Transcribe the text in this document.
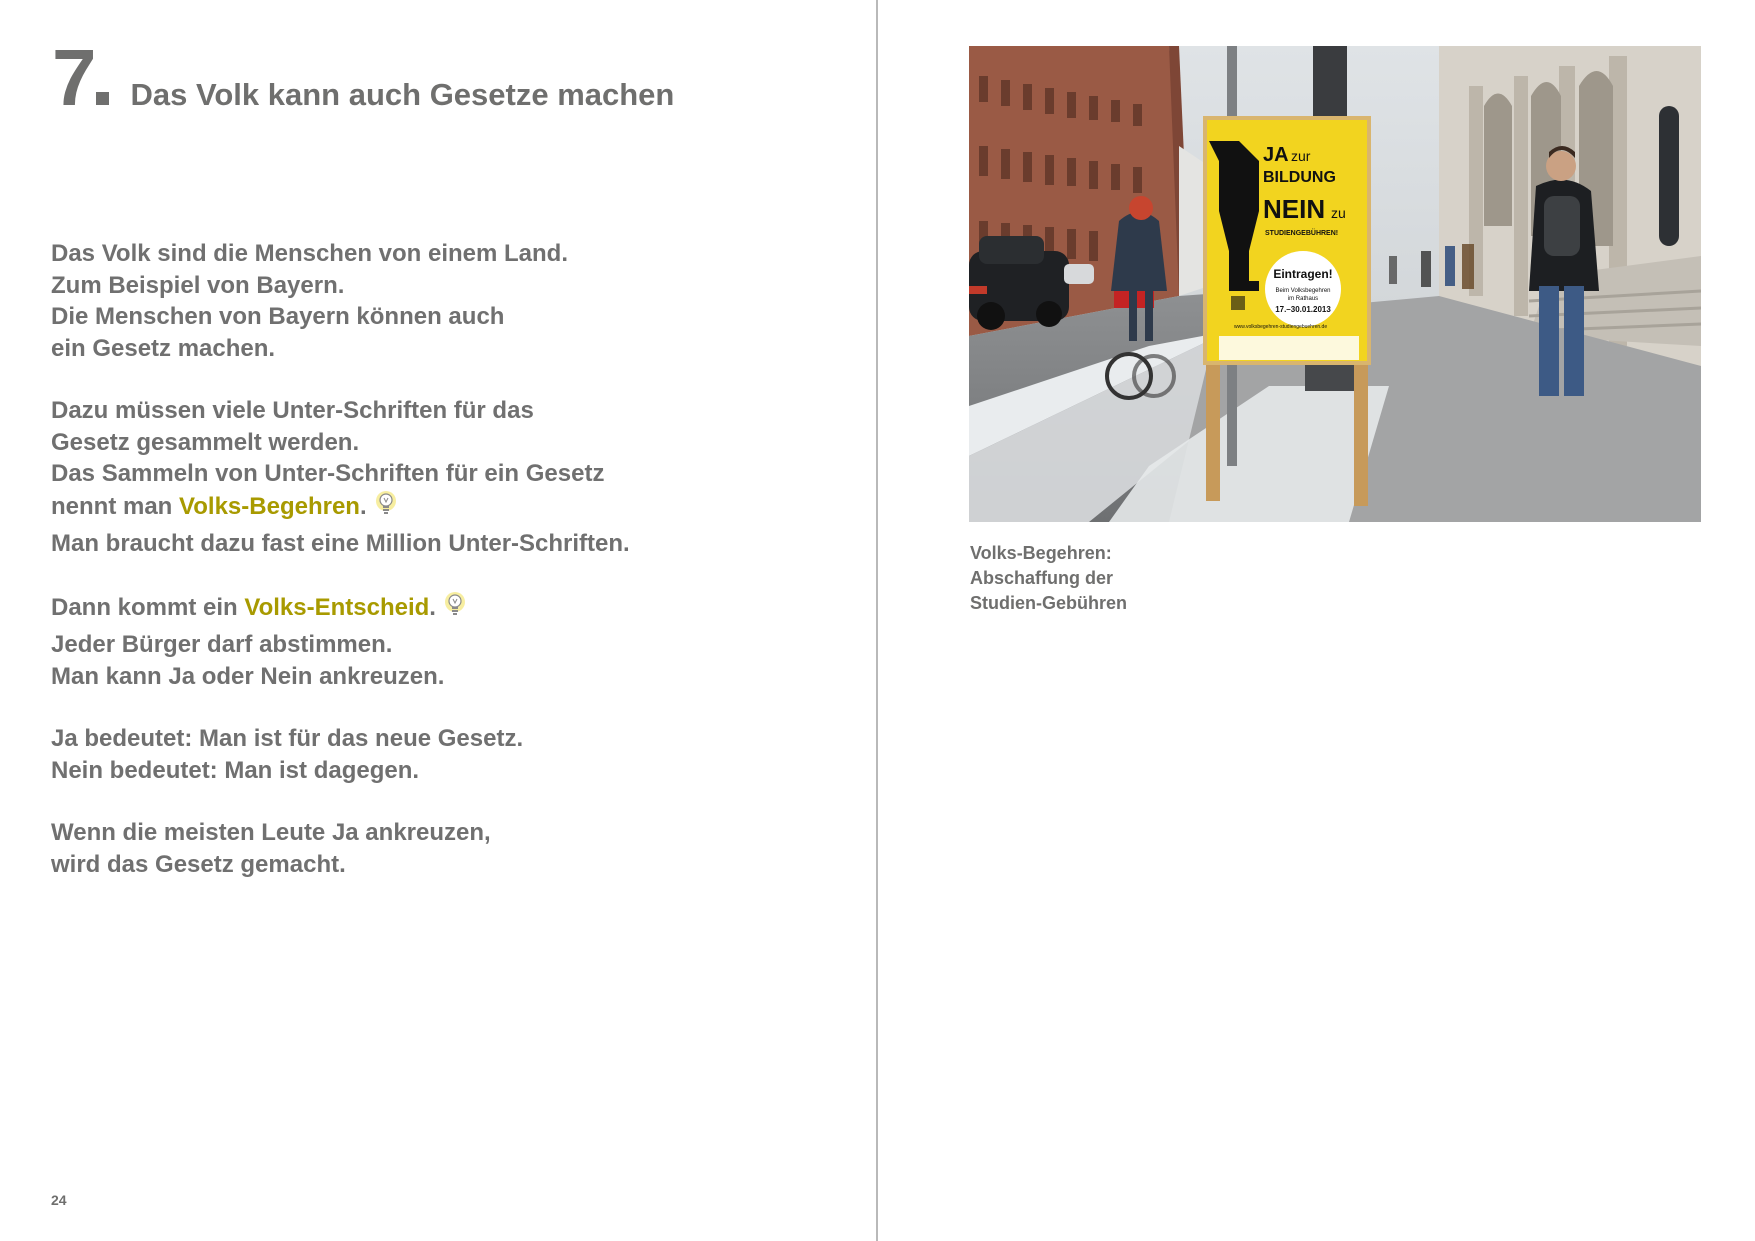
7 Das Volk kann auch Gesetze machen
Das Volk sind die Menschen von einem Land.
Zum Beispiel von Bayern.
Die Menschen von Bayern können auch
ein Gesetz machen.
Dazu müssen viele Unter-Schriften für das
Gesetz gesammelt werden.
Das Sammeln von Unter-Schriften für ein Gesetz
nennt man Volks-Begehren.
Man braucht dazu fast eine Million Unter-Schriften.
Dann kommt ein Volks-Entscheid.
Jeder Bürger darf abstimmen.
Man kann Ja oder Nein ankreuzen.
Ja bedeutet: Man ist für das neue Gesetz.
Nein bedeutet: Man ist dagegen.
Wenn die meisten Leute Ja ankreuzen,
wird das Gesetz gemacht.
24
JA zur
BILDUNG
NEIN zu
STUDIENGEBÜHREN!
Eintragen!
Beim Volksbegehren
im Rathaus
17.–30.01.2013
www.volksbegehren-studiengebuehren.de
Volks-Begehren:
Abschaffung der
Studien-Gebühren
